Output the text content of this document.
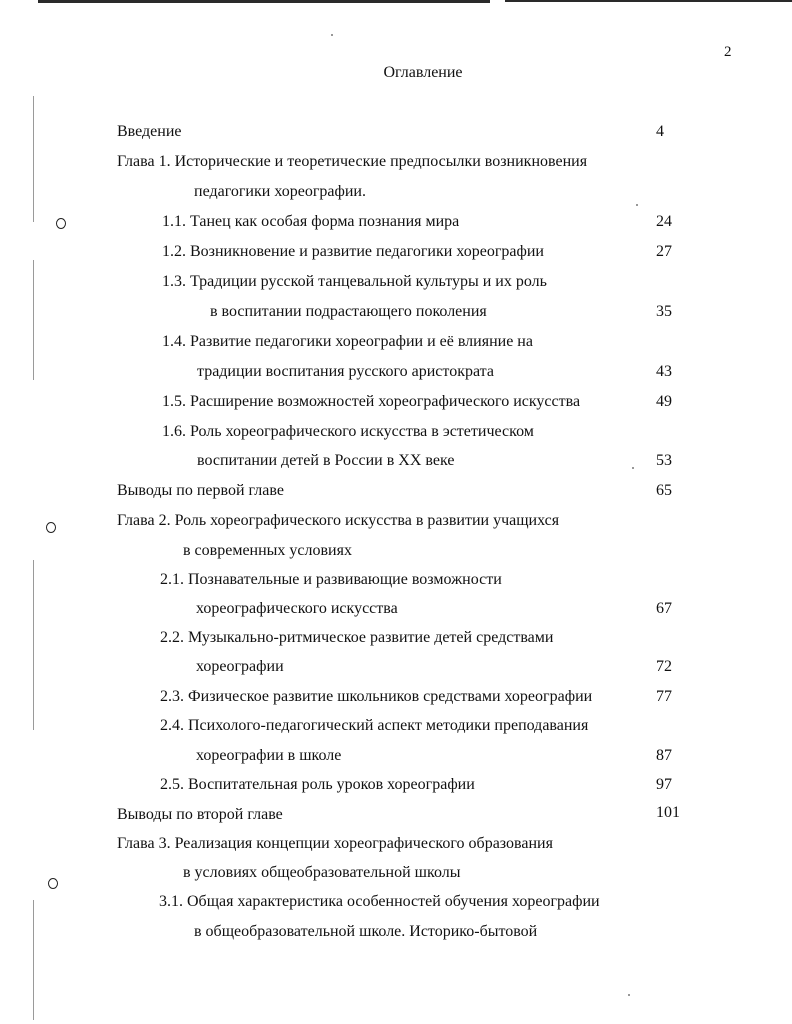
2
Оглавление
Введение	4
Глава 1. Исторические и теоретические предпосылки возникновения
педагогики хореографии.
1.1. Танец как особая форма познания мира	24
1.2. Возникновение и развитие педагогики хореографии	27
1.3. Традиции русской танцевальной культуры и их роль
в воспитании подрастающего поколения	35
1.4. Развитие педагогики хореографии и её влияние на
традиции воспитания русского аристократа	43
1.5. Расширение возможностей хореографического искусства	49
1.6. Роль хореографического искусства в эстетическом
воспитании детей в России в XX веке	53
Выводы по первой главе	65
Глава 2. Роль хореографического искусства в развитии учащихся
в современных условиях
2.1. Познавательные и развивающие возможности
хореографического искусства	67
2.2. Музыкально-ритмическое развитие детей средствами
хореографии	72
2.3. Физическое развитие школьников средствами хореографии	77
2.4. Психолого-педагогический аспект методики преподавания
хореографии в школе	87
2.5. Воспитательная роль уроков хореографии	97
Выводы по второй главе	101
Глава 3. Реализация концепции хореографического образования
в условиях общеобразовательной школы
3.1. Общая характеристика особенностей обучения хореографии
в общеобразовательной школе. Историко-бытовой
